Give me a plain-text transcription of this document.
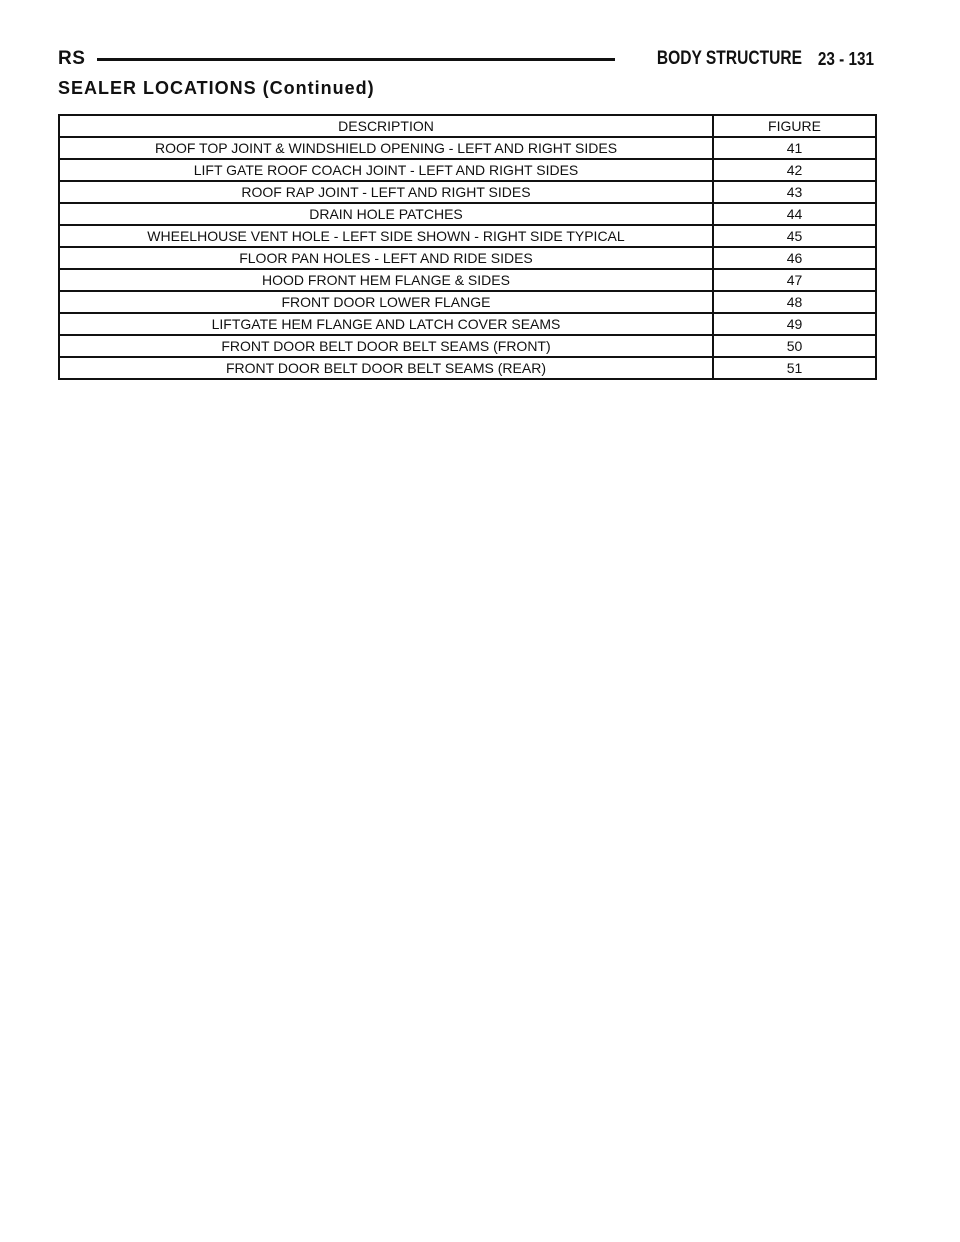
RS	BODY STRUCTURE 23 - 131
SEALER LOCATIONS (Continued)
DESCRIPTION	FIGURE
ROOF TOP JOINT & WINDSHIELD OPENING - LEFT AND RIGHT SIDES	41
LIFT GATE ROOF COACH JOINT - LEFT AND RIGHT SIDES	42
ROOF RAP JOINT - LEFT AND RIGHT SIDES	43
DRAIN HOLE PATCHES	44
WHEELHOUSE VENT HOLE - LEFT SIDE SHOWN - RIGHT SIDE TYPICAL	45
FLOOR PAN HOLES - LEFT AND RIDE SIDES	46
HOOD FRONT HEM FLANGE & SIDES	47
FRONT DOOR LOWER FLANGE	48
LIFTGATE HEM FLANGE AND LATCH COVER SEAMS	49
FRONT DOOR BELT DOOR BELT SEAMS (FRONT)	50
FRONT DOOR BELT DOOR BELT SEAMS (REAR)	51
